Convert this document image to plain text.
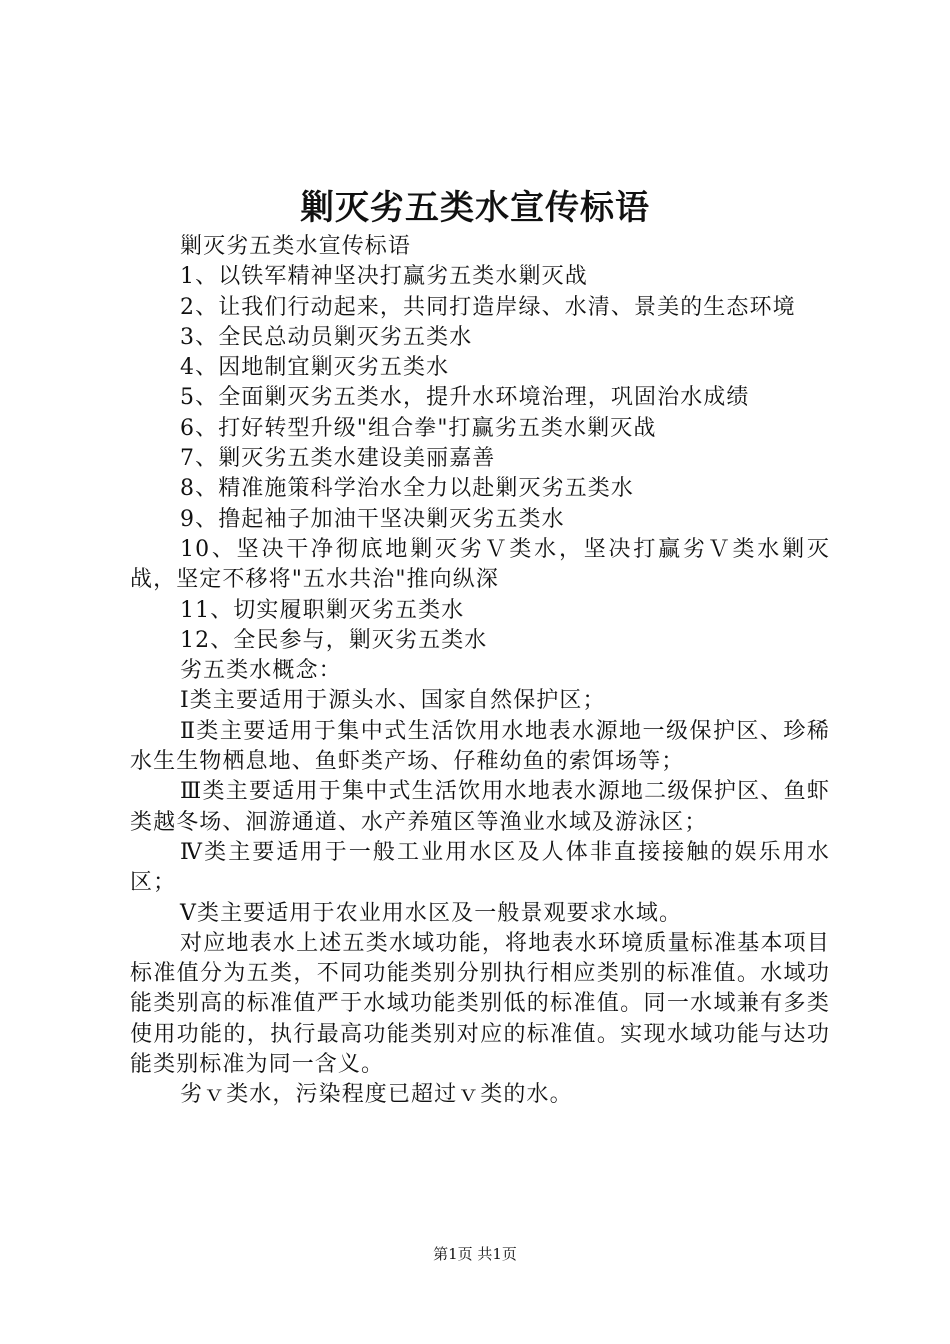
剿灭劣五类水宣传标语

剿灭劣五类水宣传标语

1、以铁军精神坚决打赢劣五类水剿灭战

2、让我们行动起来，共同打造岸绿、水清、景美的生态环境

3、全民总动员剿灭劣五类水

4、因地制宜剿灭劣五类水

5、全面剿灭劣五类水，提升水环境治理，巩固治水成绩

6、打好转型升级"组合拳"打赢劣五类水剿灭战

7、剿灭劣五类水建设美丽嘉善

8、精准施策科学治水全力以赴剿灭劣五类水

9、撸起袖子加油干坚决剿灭劣五类水

10、坚决干净彻底地剿灭劣Ｖ类水，坚决打赢劣Ｖ类水剿灭战，坚定不移将"五水共治"推向纵深

11、切实履职剿灭劣五类水

12、全民参与，剿灭劣五类水

劣五类水概念：

Ⅰ类主要适用于源头水、国家自然保护区；

Ⅱ类主要适用于集中式生活饮用水地表水源地一级保护区、珍稀水生生物栖息地、鱼虾类产场、仔稚幼鱼的索饵场等；

Ⅲ类主要适用于集中式生活饮用水地表水源地二级保护区、鱼虾类越冬场、洄游通道、水产养殖区等渔业水域及游泳区；

Ⅳ类主要适用于一般工业用水区及人体非直接接触的娱乐用水区；

Ⅴ类主要适用于农业用水区及一般景观要求水域。

对应地表水上述五类水域功能，将地表水环境质量标准基本项目标准值分为五类，不同功能类别分别执行相应类别的标准值。水域功能类别高的标准值严于水域功能类别低的标准值。同一水域兼有多类使用功能的，执行最高功能类别对应的标准值。实现水域功能与达功能类别标准为同一含义。

劣ｖ类水，污染程度已超过ｖ类的水。

第1页 共1页
